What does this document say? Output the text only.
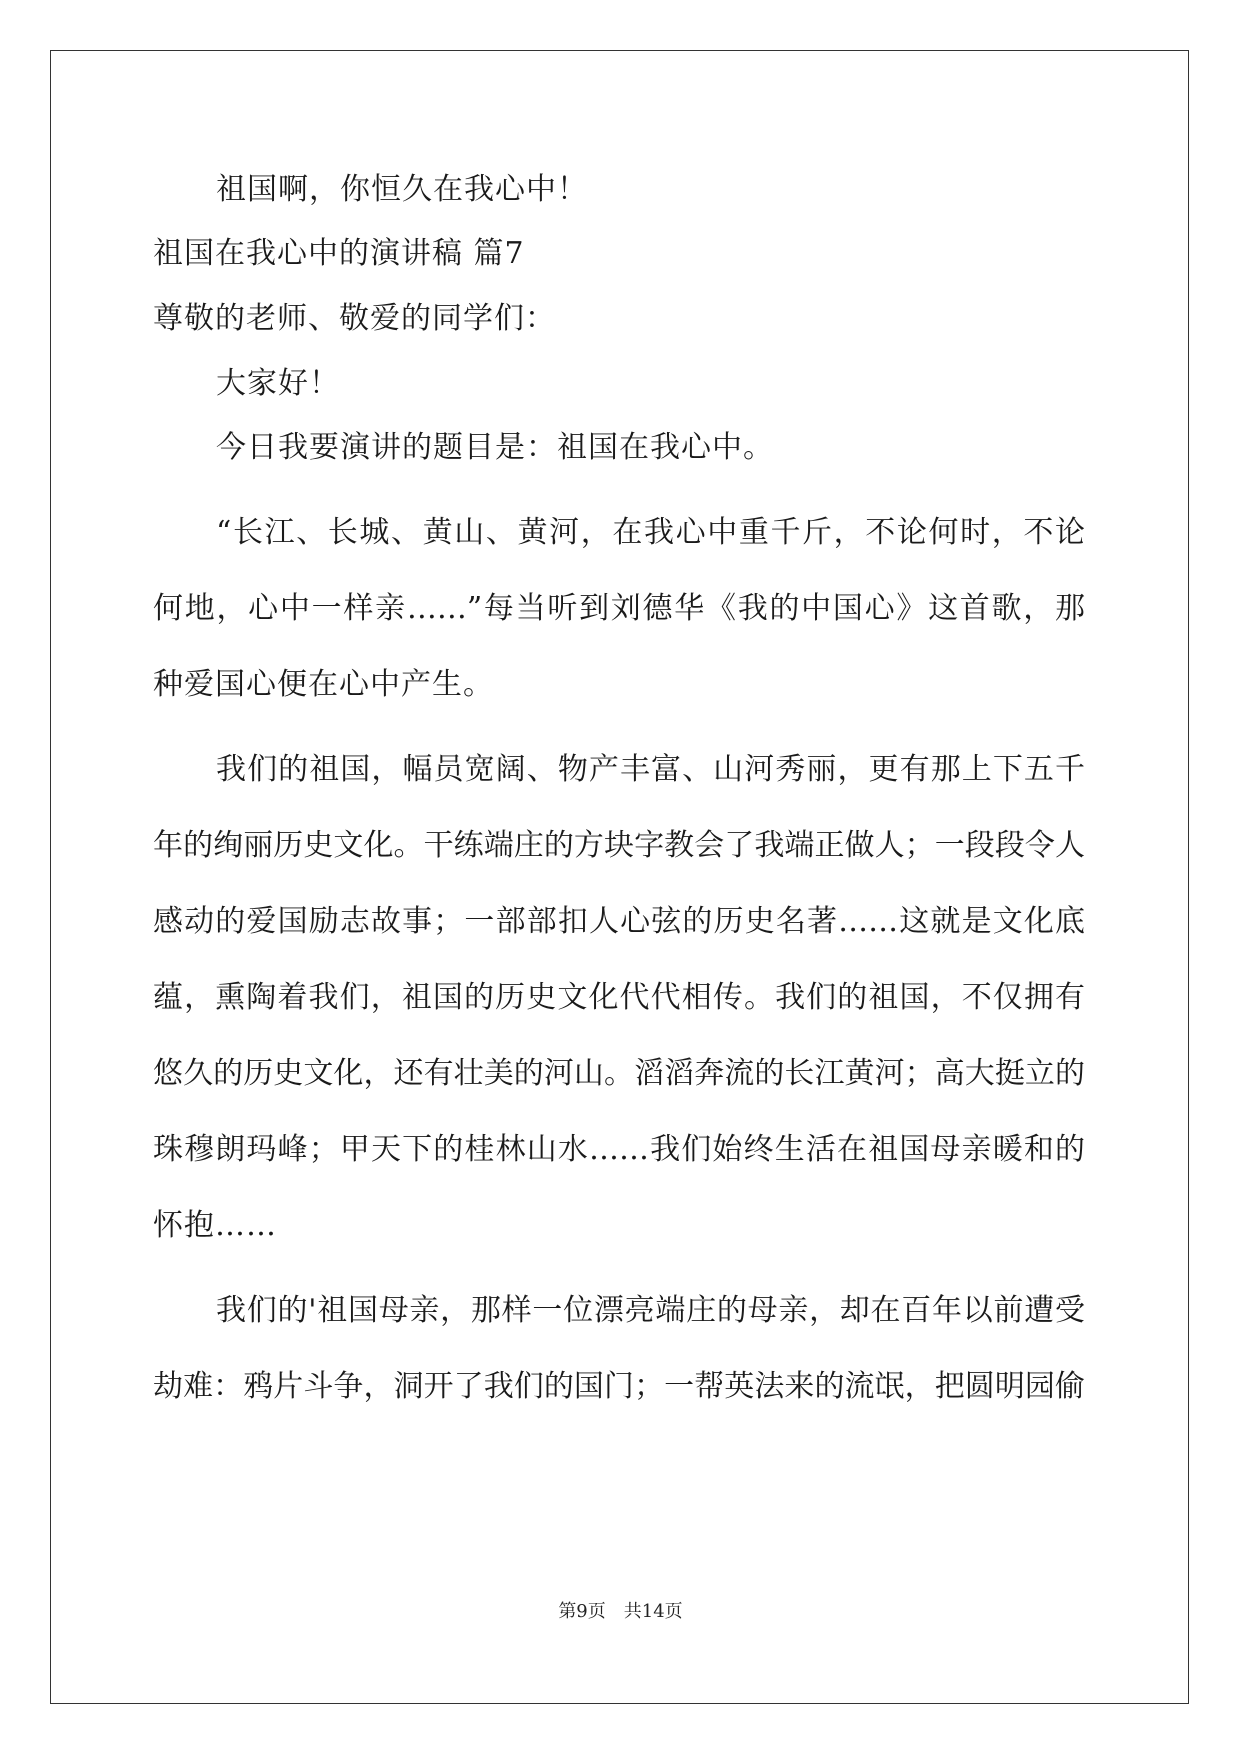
祖国啊，你恒久在我心中！
祖国在我心中的演讲稿 篇7
尊敬的老师、敬爱的同学们：
大家好！
今日我要演讲的题目是：祖国在我心中。
“长江、长城、黄山、黄河，在我心中重千斤，不论何时，不论
何地，心中一样亲……”每当听到刘德华《我的中国心》这首歌，那
种爱国心便在心中产生。
我们的祖国，幅员宽阔、物产丰富、山河秀丽，更有那上下五千
年的绚丽历史文化。干练端庄的方块字教会了我端正做人；一段段令人
感动的爱国励志故事；一部部扣人心弦的历史名著……这就是文化底
蕴，熏陶着我们，祖国的历史文化代代相传。我们的祖国，不仅拥有
悠久的历史文化，还有壮美的河山。滔滔奔流的长江黄河；高大挺立的
珠穆朗玛峰；甲天下的桂林山水……我们始终生活在祖国母亲暖和的
怀抱……
我们的'祖国母亲，那样一位漂亮端庄的母亲，却在百年以前遭受
劫难：鸦片斗争，洞开了我们的国门；一帮英法来的流氓，把圆明园偷
第9页　共14页
